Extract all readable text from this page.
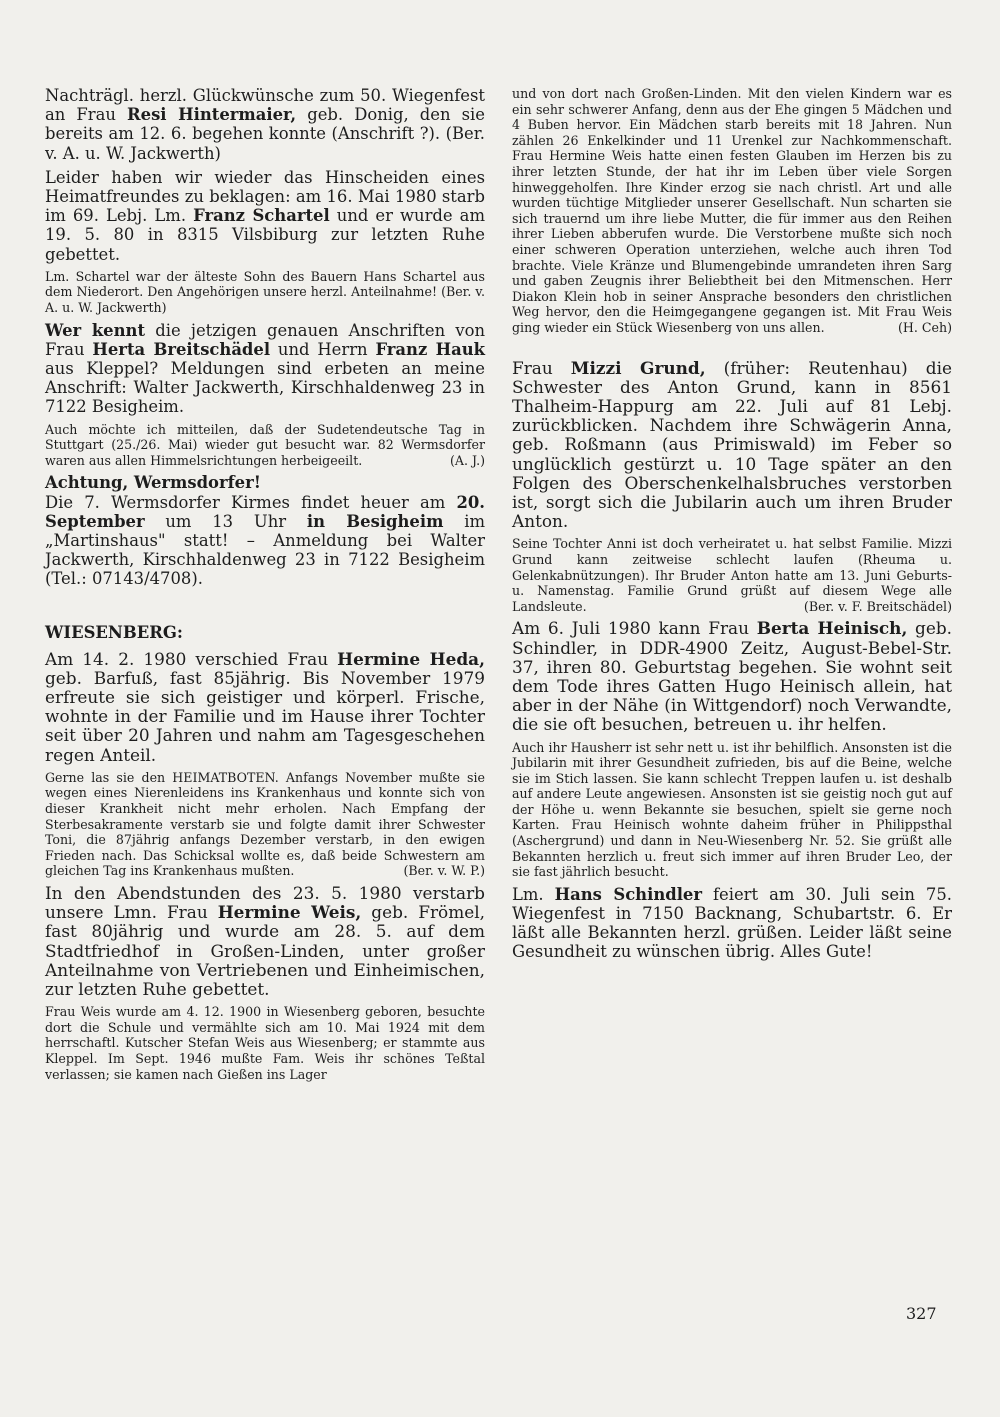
Nachträgl. herzl. Glückwünsche zum 50. Wiegenfest an Frau Resi Hintermaier, geb. Donig, den sie bereits am 12. 6. begehen konnte (Anschrift ?). (Ber. v. A. u. W. Jackwerth)

Leider haben wir wieder das Hinscheiden eines Heimatfreundes zu beklagen: am 16. Mai 1980 starb im 69. Lebj. Lm. Franz Schartel und er wurde am 19. 5. 80 in 8315 Vilsbiburg zur letzten Ruhe gebettet.

Lm. Schartel war der älteste Sohn des Bauern Hans Schartel aus dem Niederort. Den Angehörigen unsere herzl. Anteilnahme! (Ber. v. A. u. W. Jackwerth)

Wer kennt die jetzigen genauen Anschriften von Frau Herta Breitschädel und Herrn Franz Hauk aus Kleppel? Meldungen sind erbeten an meine Anschrift: Walter Jackwerth, Kirschhaldenweg 23 in 7122 Besigheim.

Auch möchte ich mitteilen, daß der Sudetendeutsche Tag in Stuttgart (25./26. Mai) wieder gut besucht war. 82 Wermsdorfer waren aus allen Himmelsrichtungen herbeigeeilt.	(A. J.)

Achtung, Wermsdorfer!
Die 7. Wermsdorfer Kirmes findet heuer am 20. September um 13 Uhr in Besigheim im „Martinshaus" statt! – Anmeldung bei Walter Jackwerth, Kirschhaldenweg 23 in 7122 Besigheim (Tel.: 07143/4708).

WIESENBERG:

Am 14. 2. 1980 verschied Frau Hermine Heda, geb. Barfuß, fast 85jährig. Bis November 1979 erfreute sie sich geistiger und körperl. Frische, wohnte in der Familie und im Hause ihrer Tochter seit über 20 Jahren und nahm am Tagesgeschehen regen Anteil.

Gerne las sie den HEIMATBOTEN. Anfangs November mußte sie wegen eines Nierenleidens ins Krankenhaus und konnte sich von dieser Krankheit nicht mehr erholen. Nach Empfang der Sterbesakramente verstarb sie und folgte damit ihrer Schwester Toni, die 87jährig anfangs Dezember verstarb, in den ewigen Frieden nach. Das Schicksal wollte es, daß beide Schwestern am gleichen Tag ins Krankenhaus mußten.	(Ber. v. W. P.)

In den Abendstunden des 23. 5. 1980 verstarb unsere Lmn. Frau Hermine Weis, geb. Frömel, fast 80jährig und wurde am 28. 5. auf dem Stadtfriedhof in Großen-Linden, unter großer Anteilnahme von Vertriebenen und Einheimischen, zur letzten Ruhe gebettet.

Frau Weis wurde am 4. 12. 1900 in Wiesenberg geboren, besuchte dort die Schule und vermählte sich am 10. Mai 1924 mit dem herrschaftl. Kutscher Stefan Weis aus Wiesenberg; er stammte aus Kleppel. Im Sept. 1946 mußte Fam. Weis ihr schönes Teßtal verlassen; sie kamen nach Gießen ins Lager

und von dort nach Großen-Linden. Mit den vielen Kindern war es ein sehr schwerer Anfang, denn aus der Ehe gingen 5 Mädchen und 4 Buben hervor. Ein Mädchen starb bereits mit 18 Jahren. Nun zählen 26 Enkelkinder und 11 Urenkel zur Nachkommenschaft. Frau Hermine Weis hatte einen festen Glauben im Herzen bis zu ihrer letzten Stunde, der hat ihr im Leben über viele Sorgen hinweggeholfen. Ihre Kinder erzog sie nach christl. Art und alle wurden tüchtige Mitglieder unserer Gesellschaft. Nun scharten sie sich trauernd um ihre liebe Mutter, die für immer aus den Reihen ihrer Lieben abberufen wurde. Die Verstorbene mußte sich noch einer schweren Operation unterziehen, welche auch ihren Tod brachte. Viele Kränze und Blumengebinde umrandeten ihren Sarg und gaben Zeugnis ihrer Beliebtheit bei den Mitmenschen. Herr Diakon Klein hob in seiner Ansprache besonders den christlichen Weg hervor, den die Heimgegangene gegangen ist. Mit Frau Weis ging wieder ein Stück Wiesenberg von uns allen.	(H. Ceh)

Frau Mizzi Grund, (früher: Reutenhau) die Schwester des Anton Grund, kann in 8561 Thalheim-Happurg am 22. Juli auf 81 Lebj. zurückblicken. Nachdem ihre Schwägerin Anna, geb. Roßmann (aus Primiswald) im Feber so unglücklich gestürzt u. 10 Tage später an den Folgen des Oberschenkelhalsbruches verstorben ist, sorgt sich die Jubilarin auch um ihren Bruder Anton.

Seine Tochter Anni ist doch verheiratet u. hat selbst Familie. Mizzi Grund kann zeitweise schlecht laufen (Rheuma u. Gelenkabnützungen). Ihr Bruder Anton hatte am 13. Juni Geburts- u. Namenstag. Familie Grund grüßt auf diesem Wege alle Landsleute.	(Ber. v. F. Breitschädel)

Am 6. Juli 1980 kann Frau Berta Heinisch, geb. Schindler, in DDR-4900 Zeitz, August-Bebel-Str. 37, ihren 80. Geburtstag begehen. Sie wohnt seit dem Tode ihres Gatten Hugo Heinisch allein, hat aber in der Nähe (in Wittgendorf) noch Verwandte, die sie oft besuchen, betreuen u. ihr helfen.

Auch ihr Hausherr ist sehr nett u. ist ihr behilflich. Ansonsten ist die Jubilarin mit ihrer Gesundheit zufrieden, bis auf die Beine, welche sie im Stich lassen. Sie kann schlecht Treppen laufen u. ist deshalb auf andere Leute angewiesen. Ansonsten ist sie geistig noch gut auf der Höhe u. wenn Bekannte sie besuchen, spielt sie gerne noch Karten. Frau Heinisch wohnte daheim früher in Philippsthal (Aschergrund) und dann in Neu-Wiesenberg Nr. 52. Sie grüßt alle Bekannten herzlich u. freut sich immer auf ihren Bruder Leo, der sie fast jährlich besucht.

Lm. Hans Schindler feiert am 30. Juli sein 75. Wiegenfest in 7150 Backnang, Schubartstr. 6. Er läßt alle Bekannten herzl. grüßen. Leider läßt seine Gesundheit zu wünschen übrig. Alles Gute!

327
